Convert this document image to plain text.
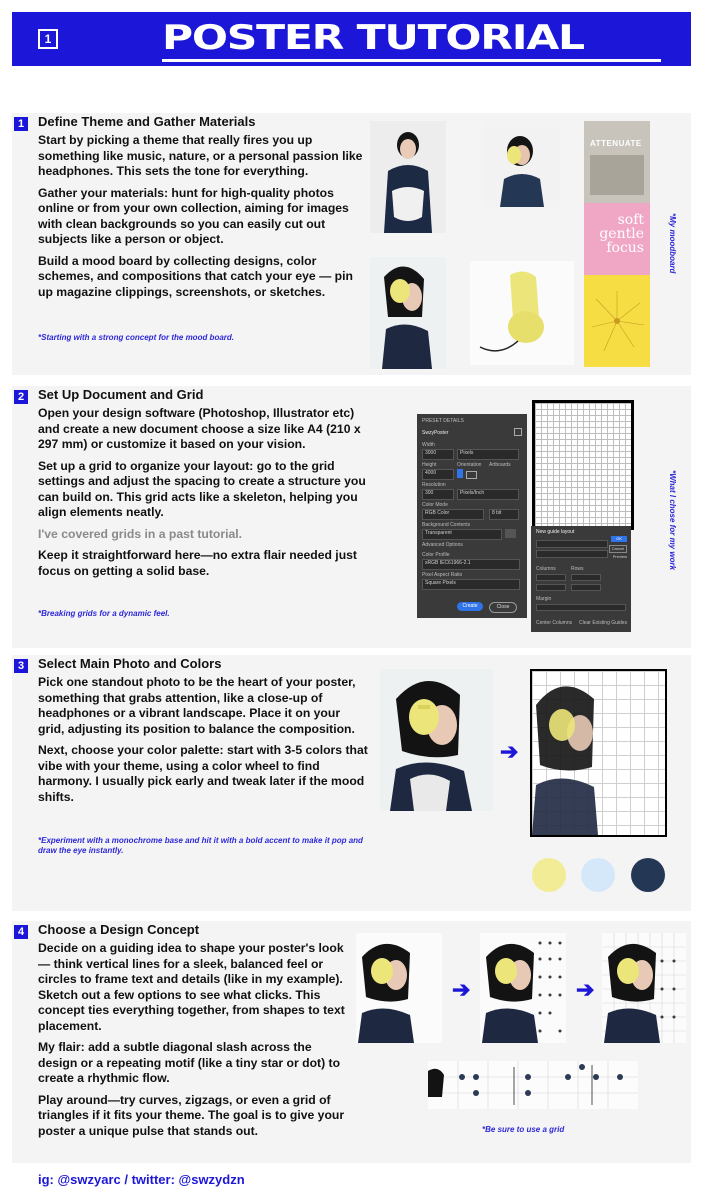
1	POSTER TUTORIAL
1	Define Theme and Gather Materials

Start by picking a theme that really fires you up something like music, nature, or a personal passion like headphones. This sets the tone for everything.

Gather your materials: hunt for high-quality photos online or from your own collection, aiming for images with clean backgrounds so you can easily cut out subjects like a person or object.

Build a mood board by collecting designs, color schemes, and compositions that catch your eye — pin up magazine clippings, screenshots, or sketches.

*Starting with a strong concept for the mood board.
ATTENUATE
soft
gentle
focus	*My moodboard
2	Set Up Document and Grid

Open your design software (Photoshop, Illustrator etc) and create a new document choose a size like A4 (210 x 297 mm) or customize it based on your vision.

Set up a grid to organize your layout: go to the grid settings and adjust the spacing to create a structure you can build on. This grid acts like a skeleton, helping you align elements neatly.

I've covered grids in a past tutorial.

Keep it straightforward here—no extra flair needed just focus on getting a solid base.

*Breaking grids for a dynamic feel.
PRESET DETAILS
SwzyPoster
Width
3000	Pixels
Height	Orientation Artboards
4000
Resolution
300	Pixels/Inch
Color Mode
RGB Color	8 bit
Background Contents
Transparent
Advanced Options
Color Profile
sRGB IEC61966-2.1
Pixel Aspect Ratio
Square Pixels
Create	Close
New guide layout
OK
Cancel
Preview
Columns	Rows
Margin
Center Columns Clear Existing Guides
*What I chose for my work
3	Select Main Photo and Colors

Pick one standout photo to be the heart of your poster, something that grabs attention, like a close-up of headphones or a vibrant landscape. Place it on your grid, adjusting its position to balance the composition.

Next, choose your color palette: start with 3-5 colors that vibe with your theme, using a color wheel to find harmony. I usually pick early and tweak later if the mood shifts.

*Experiment with a monochrome base and hit it with a bold accent to make it pop and draw the eye instantly.
➔
4	Choose a Design Concept

Decide on a guiding idea to shape your poster's look — think vertical lines for a sleek, balanced feel or circles to frame text and details (like in my example). Sketch out a few options to see what clicks. This concept ties everything together, from shapes to text placement.

My flair: add a subtle diagonal slash across the design or a repeating motif (like a tiny star or dot) to create a rhythmic flow.

Play around—try curves, zigzags, or even a grid of triangles if it fits your theme. The goal is to give your poster a unique pulse that stands out.

➔	➔
*Be sure to use a grid
ig: @swzyarc / twitter: @swzydzn
